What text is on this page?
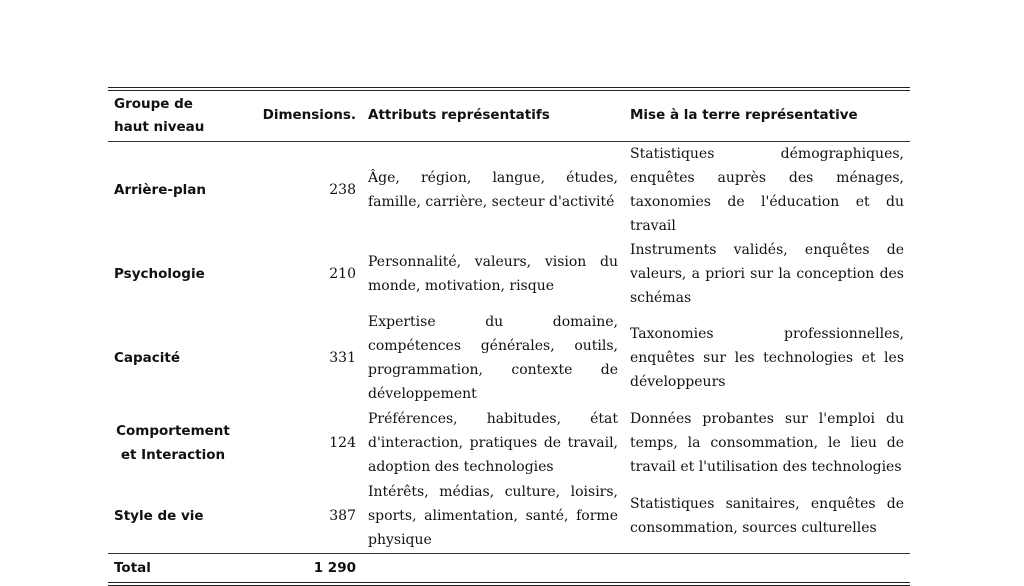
Groupe de haut niveau	Dimensions.	Attributs représentatifs	Mise à la terre représentative
Arrière-plan	238	Âge, région, langue, études, famille, carrière, secteur d'activité	Statistiques démographiques, enquêtes auprès des ménages, taxonomies de l'éducation et du travail
Psychologie	210	Personnalité, valeurs, vision du monde, motivation, risque	Instruments validés, enquêtes de valeurs, a priori sur la conception des schémas
Capacité	331	Expertise du domaine, compétences générales, outils, programmation, contexte de développement	Taxonomies professionnelles, enquêtes sur les technologies et les développeurs
Comportement et Interaction	124	Préférences, habitudes, état d'interaction, pratiques de travail, adoption des technologies	Données probantes sur l'emploi du temps, la consommation, le lieu de travail et l'utilisation des technologies
Style de vie	387	Intérêts, médias, culture, loisirs, sports, alimentation, santé, forme physique	Statistiques sanitaires, enquêtes de consommation, sources culturelles
Total	1 290		
